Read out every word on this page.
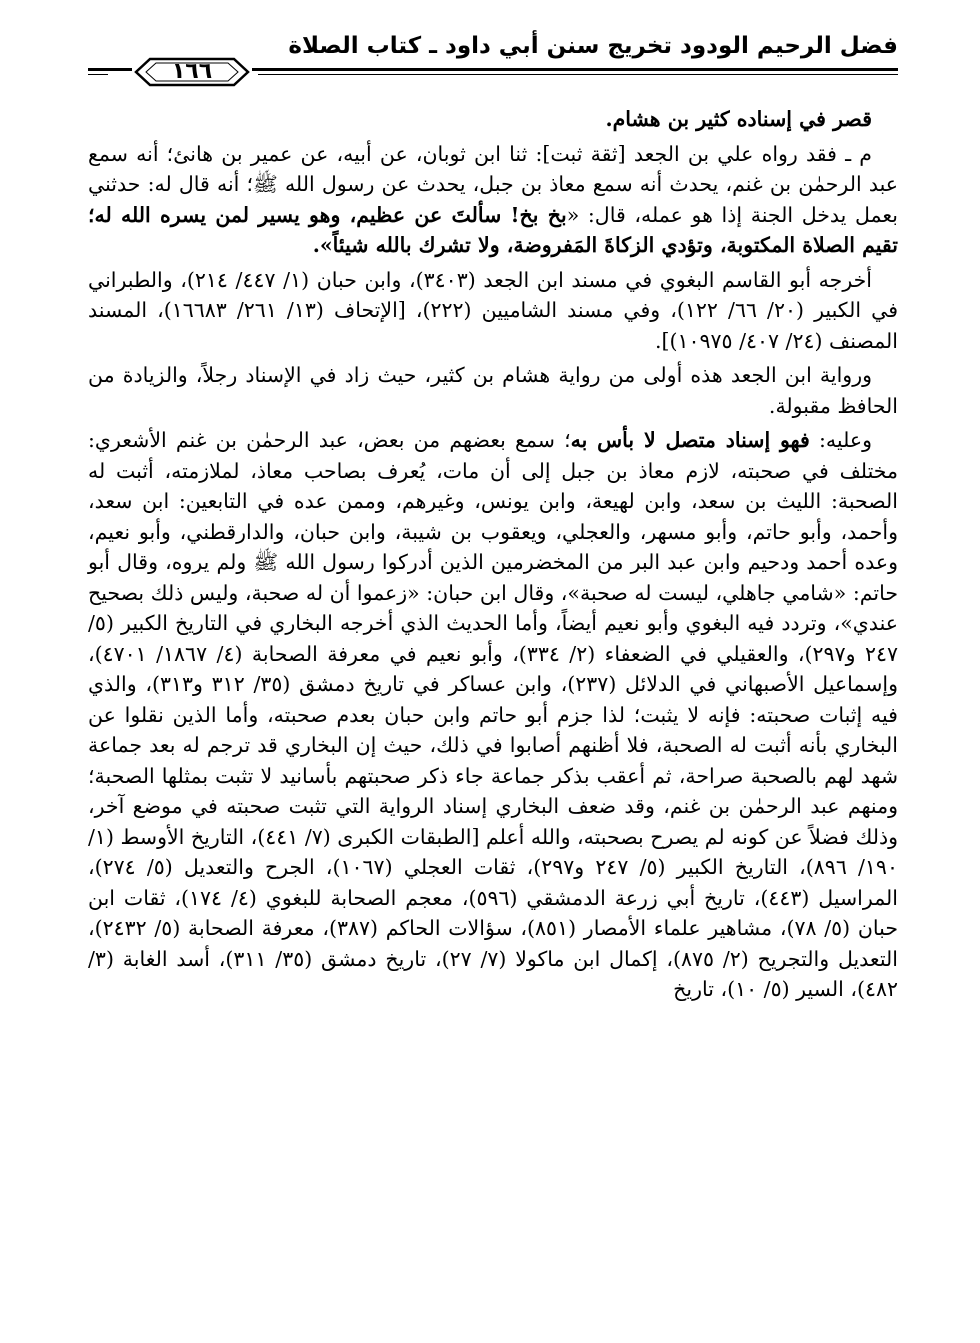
فضل الرحيم الودود تخريج سنن أبي داود ـ كتاب الصلاة
١٦٦

قصر في إسناده كثير بن هشام.

م ـ فقد رواه علي بن الجعد [ثقة ثبت]: ثنا ابن ثوبان، عن أبيه، عن عمير بن هانئ؛ أنه سمع عبد الرحمٰن بن غنم، يحدث أنه سمع معاذ بن جبل، يحدث عن رسول الله ﷺ؛ أنه قال له: حدثني بعمل يدخل الجنة إذا هو عمله، قال: «بخ بخ! سألتَ عن عظيم، وهو يسير لمن يسره الله له؛ تقيم الصلاة المكتوبة، وتؤدي الزكاةَ المَفروضة، ولا تشرك بالله شيئاً».

أخرجه أبو القاسم البغوي في مسند ابن الجعد (٣٤٠٣)، وابن حبان (١/ ٤٤٧/ ٢١٤)، والطبراني في الكبير (٢٠/ ٦٦/ ١٢٢)، وفي مسند الشاميين (٢٢٢)، [الإتحاف (١٣/ ٢٦١/ ١٦٦٨٣)، المسند المصنف (٢٤/ ٤٠٧/ ١٠٩٧٥)].

ورواية ابن الجعد هذه أولى من رواية هشام بن كثير، حيث زاد في الإسناد رجلاً، والزيادة من الحافظ مقبولة.

وعليه: فهو إسناد متصل لا بأس به؛ سمع بعضهم من بعض، عبد الرحمٰن بن غنم الأشعري: مختلف في صحبته، لازم معاذ بن جبل إلى أن مات، يُعرف بصاحب معاذ، لملازمته، أثبت له الصحبة: الليث بن سعد، وابن لهيعة، وابن يونس، وغيرهم، وممن عده في التابعين: ابن سعد، وأحمد، وأبو حاتم، وأبو مسهر، والعجلي، ويعقوب بن شيبة، وابن حبان، والدارقطني، وأبو نعيم، وعده أحمد ودحيم وابن عبد البر من المخضرمين الذين أدركوا رسول الله ﷺ ولم يروه، وقال أبو حاتم: «شامي جاهلي، ليست له صحبة»، وقال ابن حبان: «زعموا أن له صحبة، وليس ذلك بصحيح عندي»، وتردد فيه البغوي وأبو نعيم أيضاً، وأما الحديث الذي أخرجه البخاري في التاريخ الكبير (٥/ ٢٤٧ و٢٩٧)، والعقيلي في الضعفاء (٢/ ٣٣٤)، وأبو نعيم في معرفة الصحابة (٤/ ١٨٦٧/ ٤٧٠١)، وإسماعيل الأصبهاني في الدلائل (٢٣٧)، وابن عساكر في تاريخ دمشق (٣٥/ ٣١٢ و٣١٣)، والذي فيه إثبات صحبته: فإنه لا يثبت؛ لذا جزم أبو حاتم وابن حبان بعدم صحبته، وأما الذين نقلوا عن البخاري بأنه أثبت له الصحبة، فلا أظنهم أصابوا في ذلك، حيث إن البخاري قد ترجم له بعد جماعة شهد لهم بالصحبة صراحة، ثم أعقب بذكر جماعة جاء ذكر صحبتهم بأسانيد لا تثبت بمثلها الصحبة؛ ومنهم عبد الرحمٰن بن غنم، وقد ضعف البخاري إسناد الرواية التي تثبت صحبته في موضع آخر، وذلك فضلاً عن كونه لم يصرح بصحبته، والله أعلم [الطبقات الكبرى (٧/ ٤٤١)، التاريخ الأوسط (١/ ١٩٠/ ٨٩٦)، التاريخ الكبير (٥/ ٢٤٧ و٢٩٧)، ثقات العجلي (١٠٦٧)، الجرح والتعديل (٥/ ٢٧٤)، المراسيل (٤٤٣)، تاريخ أبي زرعة الدمشقي (٥٩٦)، معجم الصحابة للبغوي (٤/ ١٧٤)، ثقات ابن حبان (٥/ ٧٨)، مشاهير علماء الأمصار (٨٥١)، سؤالات الحاكم (٣٨٧)، معرفة الصحابة (٥/ ٢٤٣٢)، التعديل والتجريح (٢/ ٨٧٥)، إكمال ابن ماكولا (٧/ ٢٧)، تاريخ دمشق (٣٥/ ٣١١)، أسد الغابة (٣/ ٤٨٢)، السير (٥/ ١٠)، تاريخ
